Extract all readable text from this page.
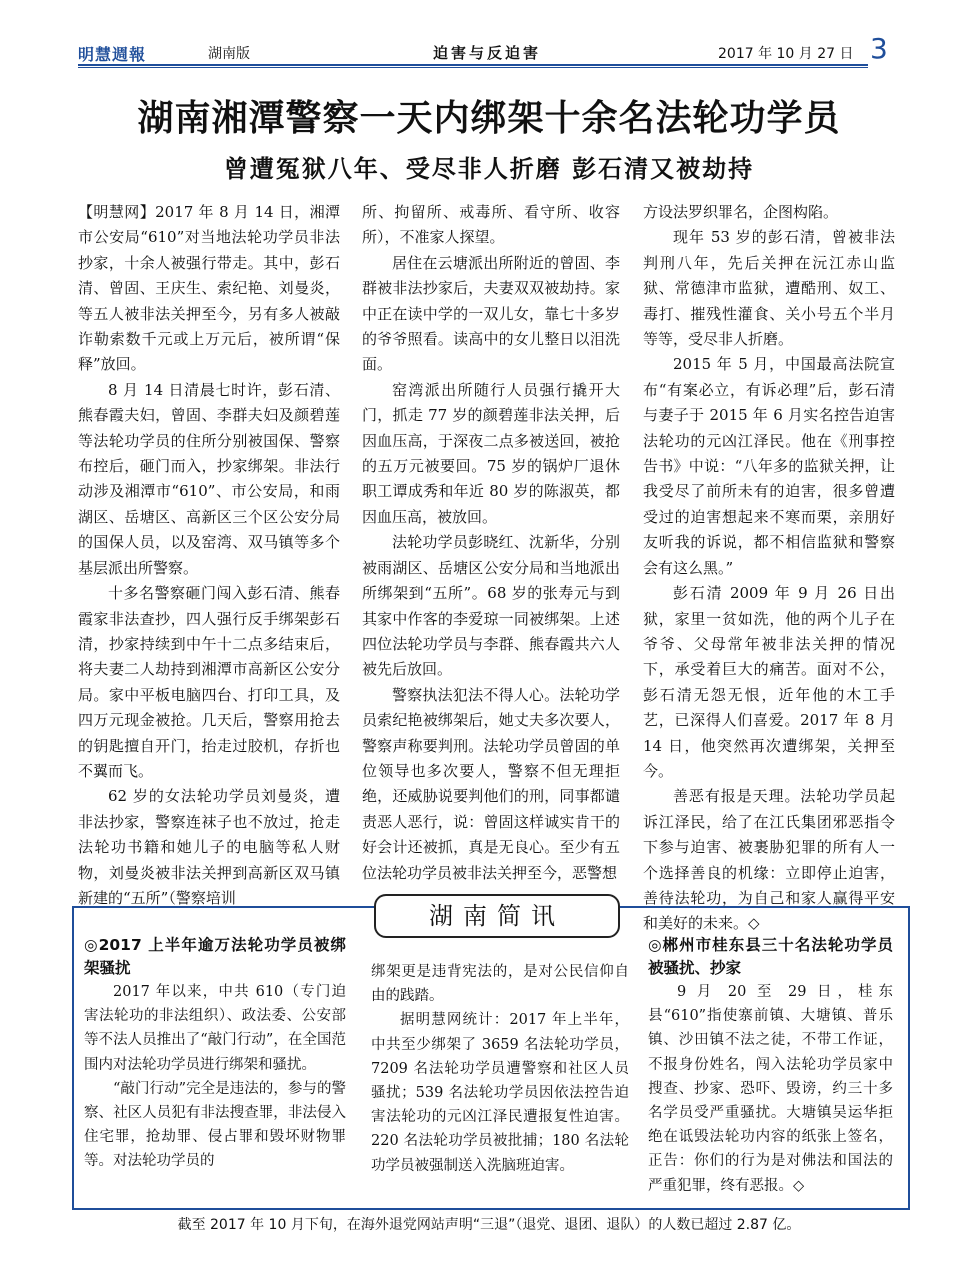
明慧週報	湖南版	迫害与反迫害	2017 年 10 月 27 日 3
湖南湘潭警察一天内绑架十余名法轮功学员
曾遭冤狱八年、受尽非人折磨 彭石清又被劫持

【明慧网】2017 年 8 月 14 日，湘潭市公安局“610”对当地法轮功学员非法抄家，十余人被强行带走。其中，彭石清、曾固、王庆生、索纪艳、刘曼炎，等五人被非法关押至今，另有多人被敲诈勒索数千元或上万元后，被所谓“保释”放回。

8 月 14 日清晨七时许，彭石清、熊春霞夫妇，曾固、李群夫妇及颜碧莲等法轮功学员的住所分别被国保、警察布控后，砸门而入，抄家绑架。非法行动涉及湘潭市“610”、市公安局，和雨湖区、岳塘区、高新区三个区公安分局的国保人员，以及窑湾、双马镇等多个基层派出所警察。

十多名警察砸门闯入彭石清、熊春霞家非法查抄，四人强行反手绑架彭石清，抄家持续到中午十二点多结束后，将夫妻二人劫持到湘潭市高新区公安分局。家中平板电脑四台、打印工具，及四万元现金被抢。几天后，警察用抢去的钥匙擅自开门，抬走过胶机，存折也不翼而飞。

62 岁的女法轮功学员刘曼炎，遭非法抄家，警察连袜子也不放过，抢走法轮功书籍和她儿子的电脑等私人财物，刘曼炎被非法关押到高新区双马镇新建的“五所”（警察培训

所、拘留所、戒毒所、看守所、收容所），不准家人探望。

居住在云塘派出所附近的曾固、李群被非法抄家后，夫妻双双被劫持。家中正在读中学的一双儿女，靠七十多岁的爷爷照看。读高中的女儿整日以泪洗面。

窑湾派出所随行人员强行撬开大门，抓走 77 岁的颜碧莲非法关押，后因血压高，于深夜二点多被送回，被抢的五万元被要回。75 岁的锅炉厂退休职工谭成秀和年近 80 岁的陈淑英，都因血压高，被放回。

法轮功学员彭晓红、沈新华，分别被雨湖区、岳塘区公安分局和当地派出所绑架到“五所”。68 岁的张寿元与到其家中作客的李爱琼一同被绑架。上述四位法轮功学员与李群、熊春霞共六人被先后放回。

警察执法犯法不得人心。法轮功学员索纪艳被绑架后，她丈夫多次要人，警察声称要判刑。法轮功学员曾固的单位领导也多次要人，警察不但无理拒绝，还威胁说要判他们的刑，同事都谴责恶人恶行，说：曾固这样诚实肯干的好会计还被抓，真是无良心。至少有五位法轮功学员被非法关押至今，恶警想

方设法罗织罪名，企图构陷。

现年 53 岁的彭石清，曾被非法判刑八年，先后关押在沅江赤山监狱、常德津市监狱，遭酷刑、奴工、毒打、摧残性灌食、关小号五个半月等等，受尽非人折磨。

2015 年 5 月，中国最高法院宣布“有案必立，有诉必理”后，彭石清与妻子于 2015 年 6 月实名控告迫害法轮功的元凶江泽民。他在《刑事控告书》中说：“八年多的监狱关押，让我受尽了前所未有的迫害，很多曾遭受过的迫害想起来不寒而栗，亲朋好友听我的诉说，都不相信监狱和警察会有这么黑。”

彭石清 2009 年 9 月 26 日出狱，家里一贫如洗，他的两个儿子在爷爷、父母常年被非法关押的情况下，承受着巨大的痛苦。面对不公，彭石清无怨无恨，近年他的木工手艺，已深得人们喜爱。2017 年 8 月 14 日，他突然再次遭绑架，关押至今。

善恶有报是天理。法轮功学员起诉江泽民，给了在江氏集团邪恶指令下参与迫害、被裹胁犯罪的所有人一个选择善良的机缘：立即停止迫害，善待法轮功，为自己和家人赢得平安和美好的未来。◇

湖南简讯

◎2017 上半年逾万法轮功学员被绑架骚扰

2017 年以来，中共 610（专门迫害法轮功的非法组织）、政法委、公安部等不法人员推出了“敲门行动”，在全国范围内对法轮功学员进行绑架和骚扰。

“敲门行动”完全是违法的，参与的警察、社区人员犯有非法搜查罪，非法侵入住宅罪，抢劫罪、侵占罪和毁坏财物罪等。对法轮功学员的

绑架更是违背宪法的，是对公民信仰自由的践踏。

据明慧网统计：2017 年上半年，中共至少绑架了 3659 名法轮功学员，7209 名法轮功学员遭警察和社区人员骚扰；539 名法轮功学员因依法控告迫害法轮功的元凶江泽民遭报复性迫害。220 名法轮功学员被批捕；180 名法轮功学员被强制送入洗脑班迫害。

◎郴州市桂东县三十名法轮功学员被骚扰、抄家

9 月 20 至 29 日，桂东县“610”指使寨前镇、大塘镇、普乐镇、沙田镇不法之徒，不带工作证，不报身份姓名，闯入法轮功学员家中搜查、抄家、恐吓、毁谤，约三十多名学员受严重骚扰。大塘镇吴运华拒绝在诋毁法轮功内容的纸张上签名，正告：你们的行为是对佛法和国法的严重犯罪，终有恶报。◇

截至 2017 年 10 月下旬，在海外退党网站声明“三退”（退党、退团、退队）的人数已超过 2.87 亿。
